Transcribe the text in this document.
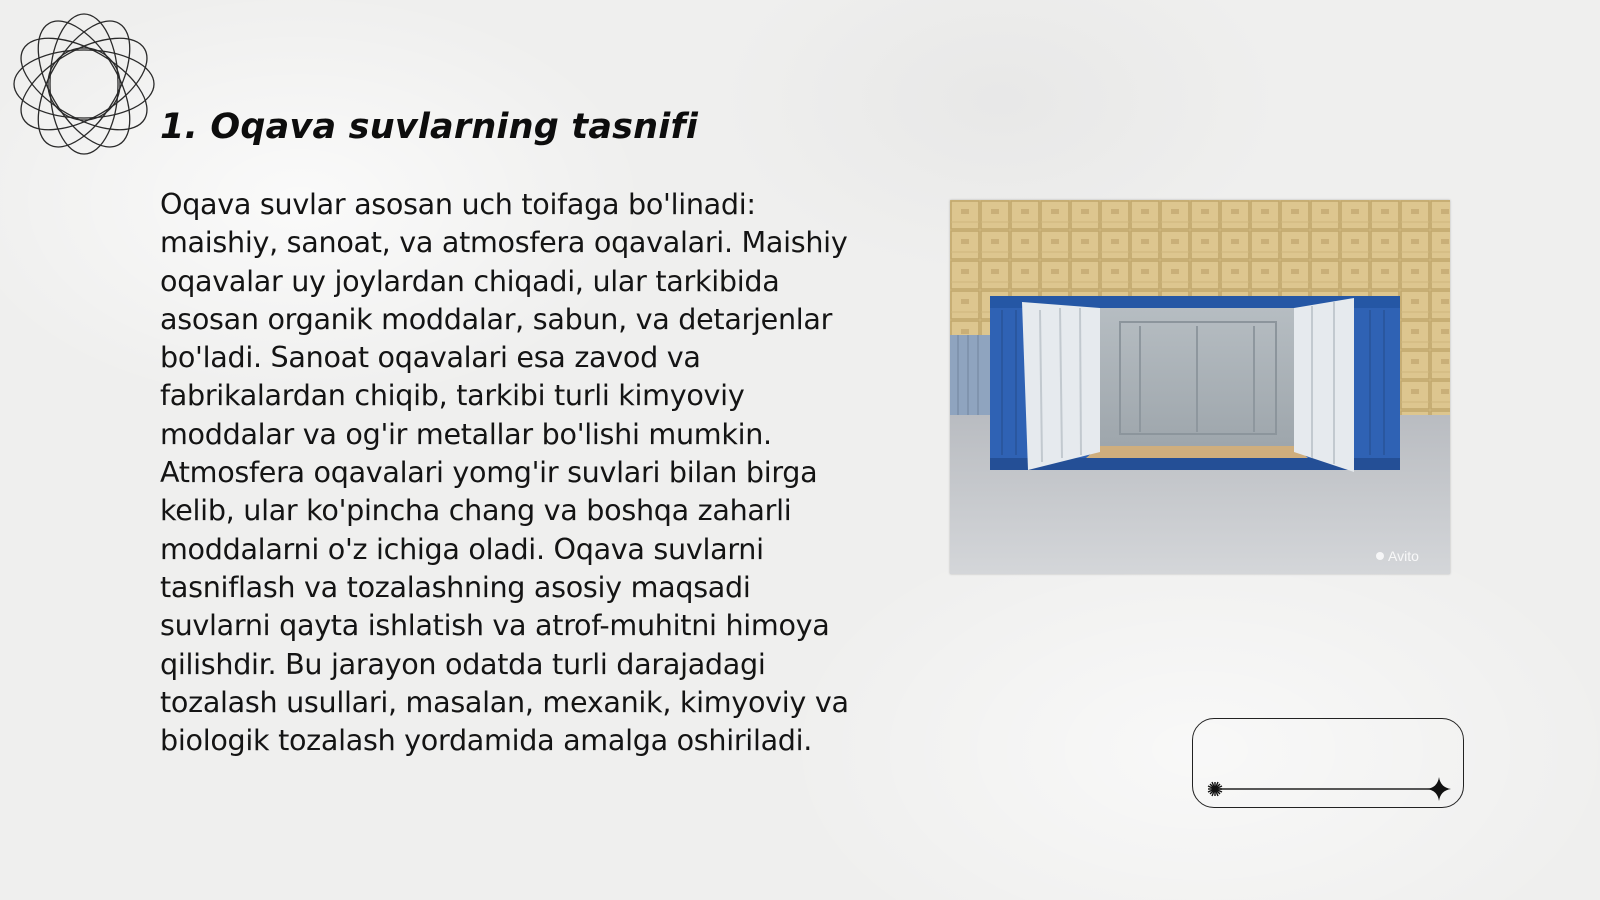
1. Oqava suvlarning tasnifi

Oqava suvlar asosan uch toifaga bo'linadi: maishiy, sanoat, va atmosfera oqavalari. Maishiy oqavalar uy joylardan chiqadi, ular tarkibida asosan organik moddalar, sabun, va detarjenlar bo'ladi. Sanoat oqavalari esa zavod va fabrikalardan chiqib, tarkibi turli kimyoviy moddalar va og'ir metallar bo'lishi mumkin. Atmosfera oqavalari yomg'ir suvlari bilan birga kelib, ular ko'pincha chang va boshqa zaharli moddalarni o'z ichiga oladi. Oqava suvlarni tasniflash va tozalashning asosiy maqsadi suvlarni qayta ishlatish va atrof-muhitni himoya qilishdir. Bu jarayon odatda turli darajadagi tozalash usullari, masalan, mexanik, kimyoviy va biologik tozalash yordamida amalga oshiriladi.

Avito
